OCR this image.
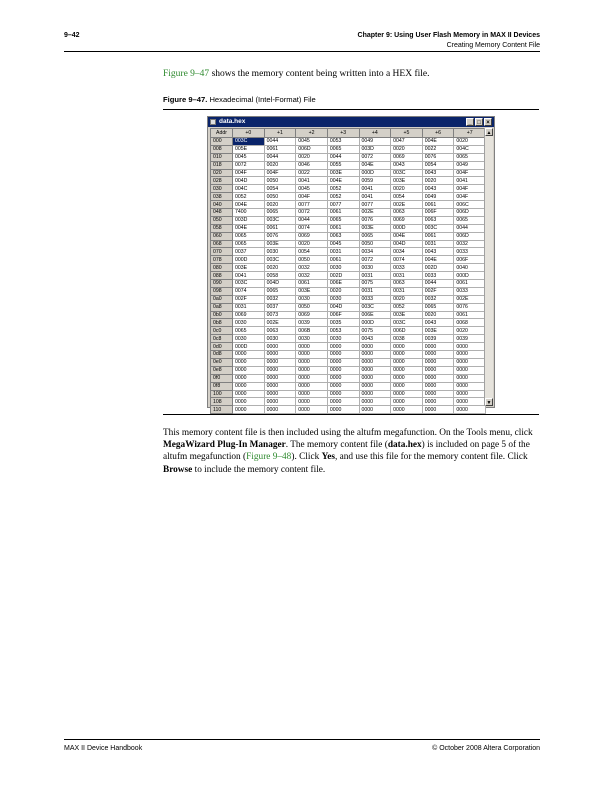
9–42	Chapter 9: Using User Flash Memory in MAX II Devices
Creating Memory Content File
Figure 9–47 shows the memory content being written into a HEX file.
Figure 9–47. Hexadecimal (Intel-Format) File
data.hex	_ □ ×
Addr	+0	+1	+2	+3	+4	+5	+6	+7
000	003C	0044	0045	0053	0049	0047	004E	0020
008	005E	0061	006D	0065	003D	0020	0022	004C
010	0045	0044	0020	0044	0072	0069	0076	0065
018	0072	0020	0046	0055	004E	0043	0054	0049
020	004F	004F	0022	003E	000D	003C	0043	004F
028	004D	0050	0041	004E	0059	003E	0020	0041
030	004C	0054	0045	0052	0041	0020	0043	004F
038	0052	0050	004F	0052	0041	0054	0049	004F
040	004E	0020	0077	0077	0077	002E	0061	006C
048	7400	0065	0072	0061	002E	0063	006F	006D
050	003D	003C	0044	0065	0076	0069	0063	0065
058	004E	0061	0074	0061	003E	000D	003C	0044
060	0065	0076	0069	0063	0065	004E	0061	006D
068	0065	003E	0020	0045	0050	004D	0031	0032
070	0037	0030	0054	0031	0034	0034	0043	0033
078	000D	003C	0050	0061	0072	0074	004E	006F
080	003E	0020	0032	0030	0030	0033	002D	0040
088	0041	0058	0032	002D	0031	0031	0033	000D
090	003C	004D	0061	006E	0075	0063	0044	0061
098	0074	0065	003E	0020	0031	0031	002F	0033
0a0	002F	0032	0030	0030	0033	0020	0032	002E
0a8	0031	0037	0050	004D	003C	0052	0065	0076
0b0	0069	0073	0069	006F	006E	003E	0020	0061
0b8	0030	002E	0039	0035	000D	003C	0043	0068
0c0	0065	0063	006B	0053	0075	006D	003E	0020
0c8	0030	0030	0030	0030	0043	0038	0039	0039
0d0	000D	0000	0000	0000	0000	0000	0000	0000
0d8	0000	0000	0000	0000	0000	0000	0000	0000
0e0	0000	0000	0000	0000	0000	0000	0000	0000
0e8	0000	0000	0000	0000	0000	0000	0000	0000
0f0	0000	0000	0000	0000	0000	0000	0000	0000
0f8	0000	0000	0000	0000	0000	0000	0000	0000
100	0000	0000	0000	0000	0000	0000	0000	0000
108	0000	0000	0000	0000	0000	0000	0000	0000
110	0000	0000	0000	0000	0000	0000	0000	0000
▲
▼
This memory content file is then included using the altufm megafunction. On the Tools menu, click MegaWizard Plug-In Manager. The memory content file (data.hex) is included on page 5 of the altufm megafunction (Figure 9–48). Click Yes, and use this file for the memory content file. Click Browse to include the memory content file.
MAX II Device Handbook	© October 2008 Altera Corporation
